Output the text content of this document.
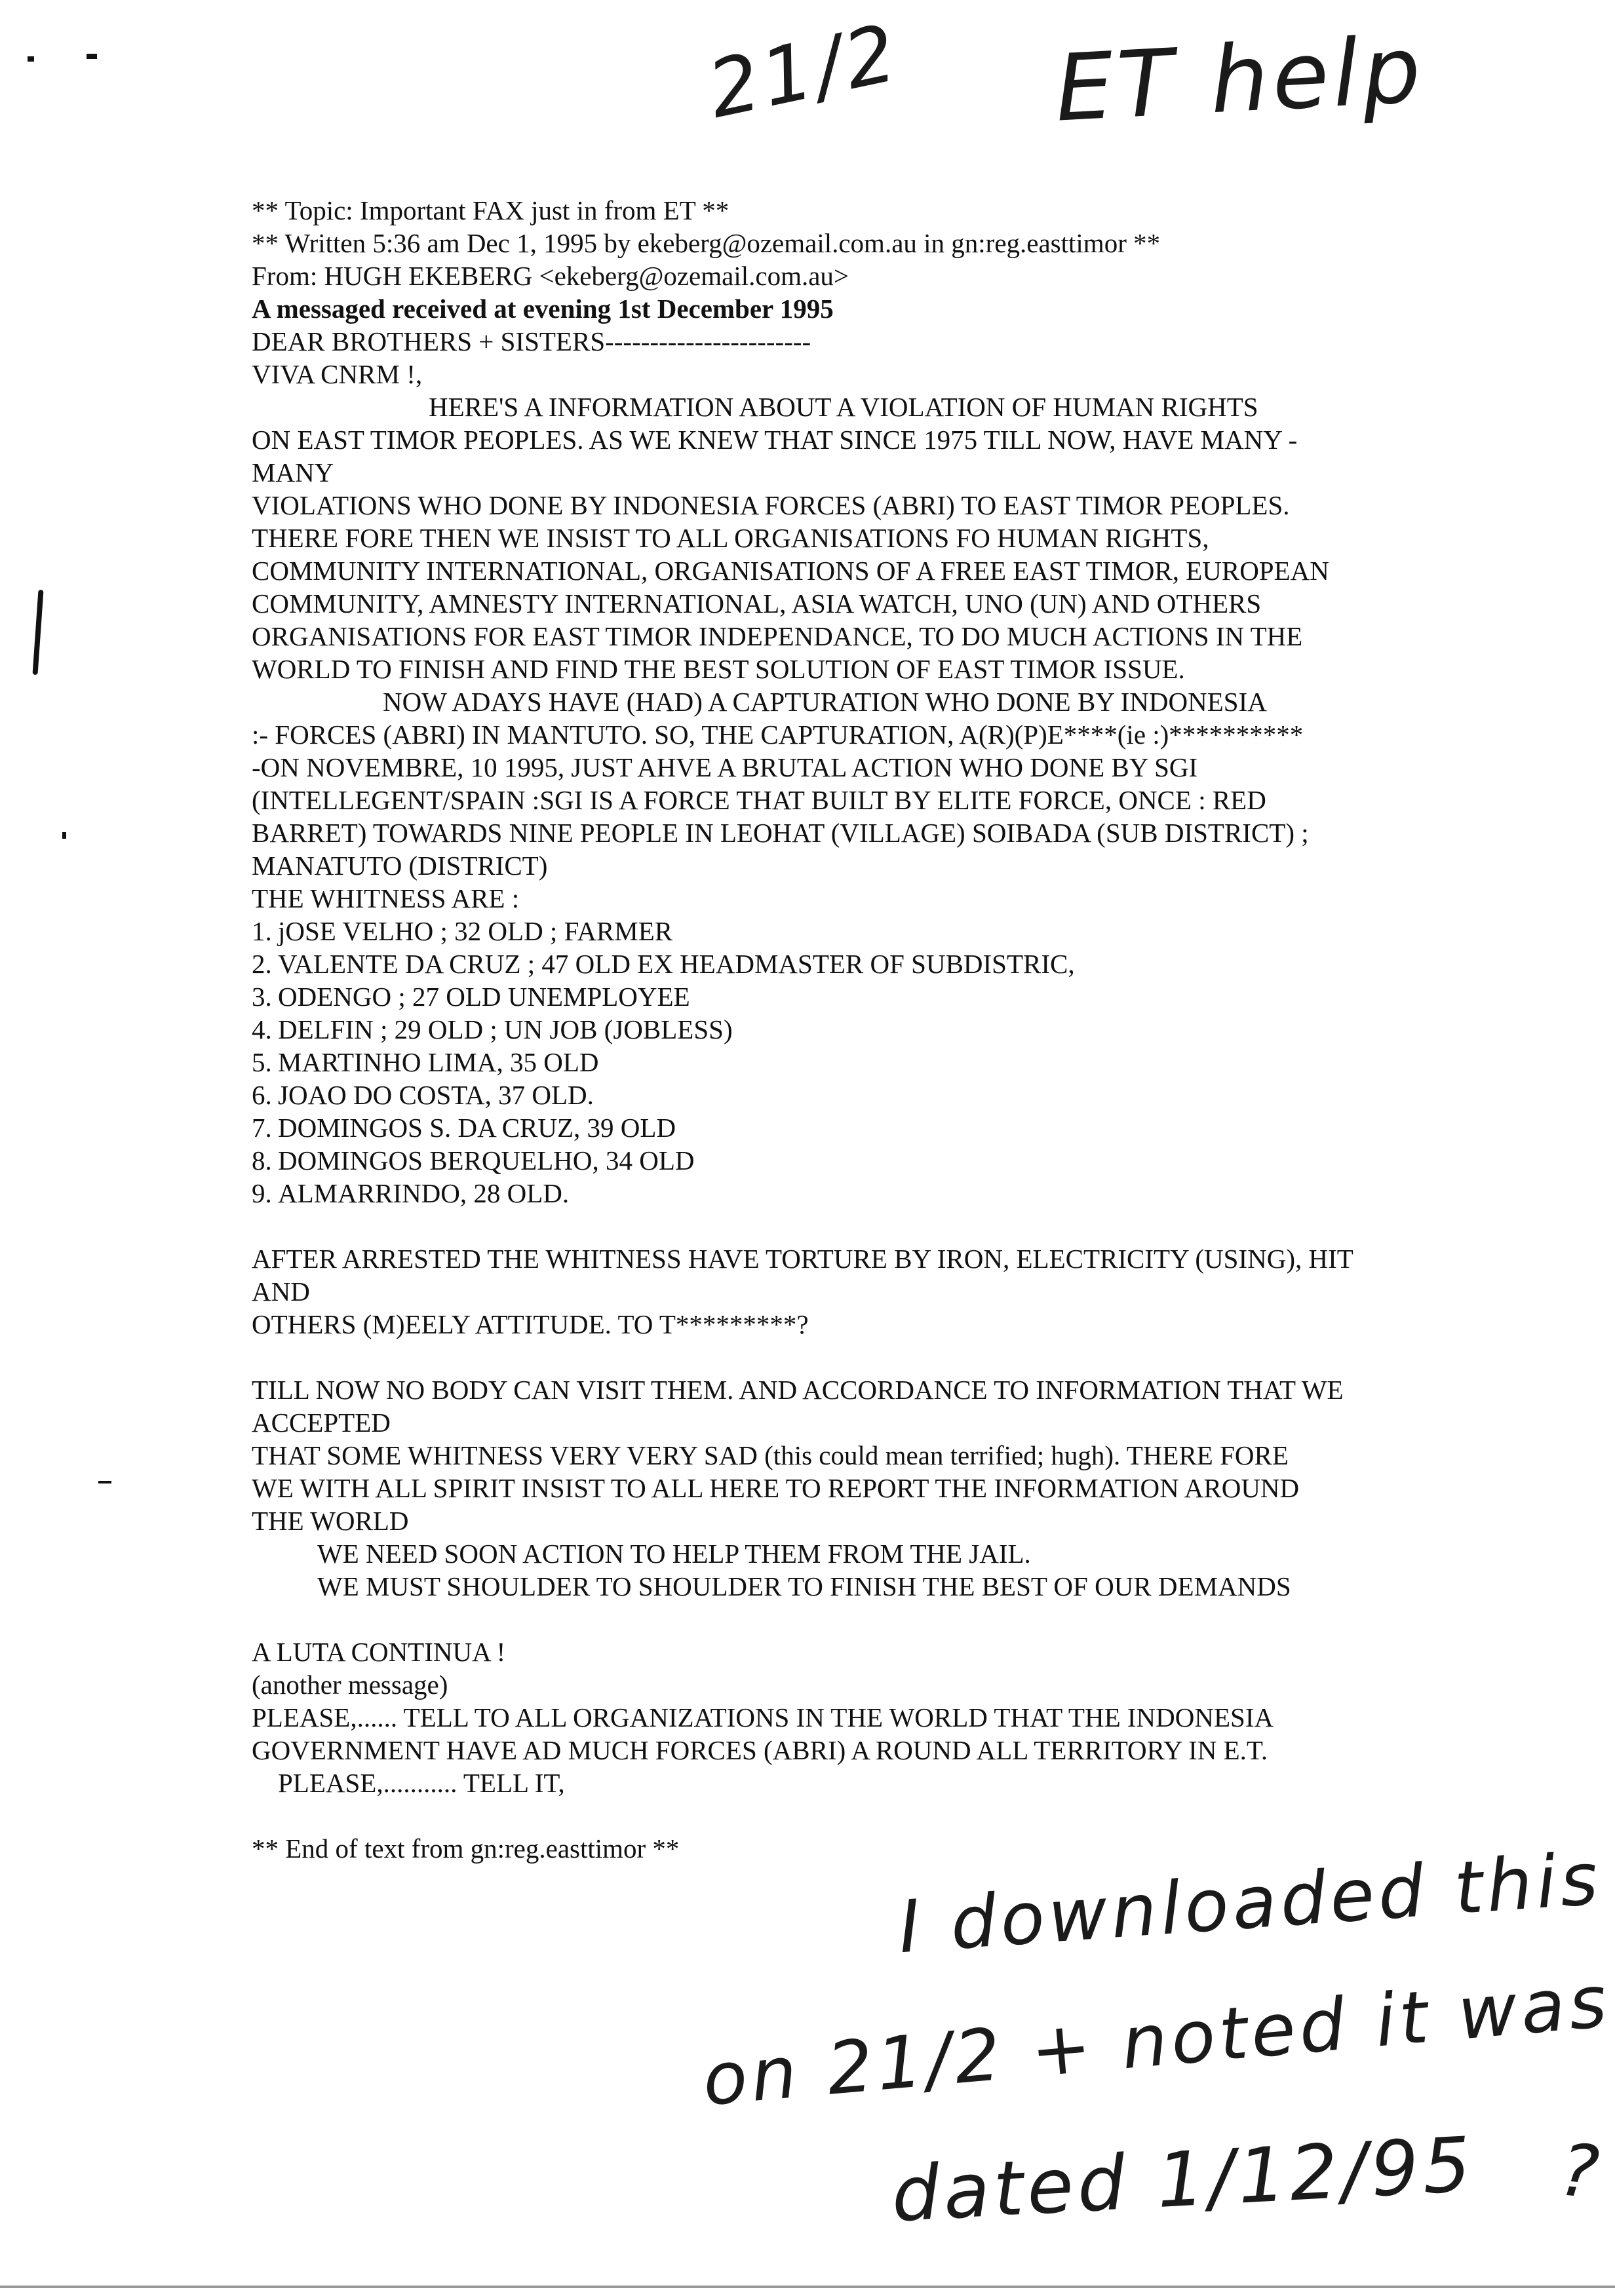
21/2 ET help
** Topic: Important FAX just in from ET **
** Written 5:36 am Dec 1, 1995 by ekeberg@ozemail.com.au in gn:reg.easttimor **
From: HUGH EKEBERG <ekeberg@ozemail.com.au>
A messaged received at evening 1st December 1995
DEAR BROTHERS + SISTERS-----------------------
VIVA CNRM !,
HERE'S A INFORMATION ABOUT A VIOLATION OF HUMAN RIGHTS
ON EAST TIMOR PEOPLES. AS WE KNEW THAT SINCE 1975 TILL NOW, HAVE MANY -
MANY
VIOLATIONS WHO DONE BY INDONESIA FORCES (ABRI) TO EAST TIMOR PEOPLES.
THERE FORE THEN WE INSIST TO ALL ORGANISATIONS FO HUMAN RIGHTS,
COMMUNITY INTERNATIONAL, ORGANISATIONS OF A FREE EAST TIMOR, EUROPEAN
COMMUNITY, AMNESTY INTERNATIONAL, ASIA WATCH, UNO (UN) AND OTHERS
ORGANISATIONS FOR EAST TIMOR INDEPENDANCE, TO DO MUCH ACTIONS IN THE
WORLD TO FINISH AND FIND THE BEST SOLUTION OF EAST TIMOR ISSUE.
NOW ADAYS HAVE (HAD) A CAPTURATION WHO DONE BY INDONESIA
:- FORCES (ABRI) IN MANTUTO. SO, THE CAPTURATION, A(R)(P)E****(ie :)**********
-ON NOVEMBRE, 10 1995, JUST AHVE A BRUTAL ACTION WHO DONE BY SGI
(INTELLEGENT/SPAIN :SGI IS A FORCE THAT BUILT BY ELITE FORCE, ONCE : RED
BARRET) TOWARDS NINE PEOPLE IN LEOHAT (VILLAGE) SOIBADA (SUB DISTRICT) ;
MANATUTO (DISTRICT)
THE WHITNESS ARE :
1. jOSE VELHO ; 32 OLD ; FARMER
2. VALENTE DA CRUZ ; 47 OLD EX HEADMASTER OF SUBDISTRIC,
3. ODENGO ; 27 OLD UNEMPLOYEE
4. DELFIN ; 29 OLD ; UN JOB (JOBLESS)
5. MARTINHO LIMA, 35 OLD
6. JOAO DO COSTA, 37 OLD.
7. DOMINGOS S. DA CRUZ, 39 OLD
8. DOMINGOS BERQUELHO, 34 OLD
9. ALMARRINDO, 28 OLD.
AFTER ARRESTED THE WHITNESS HAVE TORTURE BY IRON, ELECTRICITY (USING), HIT
AND
OTHERS (M)EELY ATTITUDE. TO T*********?
TILL NOW NO BODY CAN VISIT THEM. AND ACCORDANCE TO INFORMATION THAT WE
ACCEPTED
THAT SOME WHITNESS VERY VERY SAD (this could mean terrified; hugh). THERE FORE
WE WITH ALL SPIRIT INSIST TO ALL HERE TO REPORT THE INFORMATION AROUND
THE WORLD
WE NEED SOON ACTION TO HELP THEM FROM THE JAIL.
WE MUST SHOULDER TO SHOULDER TO FINISH THE BEST OF OUR DEMANDS
A LUTA CONTINUA !
(another message)
PLEASE,...... TELL TO ALL ORGANIZATIONS IN THE WORLD THAT THE INDONESIA
GOVERNMENT HAVE AD MUCH FORCES (ABRI) A ROUND ALL TERRITORY IN E.T.
PLEASE,........... TELL IT,
** End of text from gn:reg.easttimor **	I downloaded this
on 21/2 + noted it was
dated 1/12/95 ?
